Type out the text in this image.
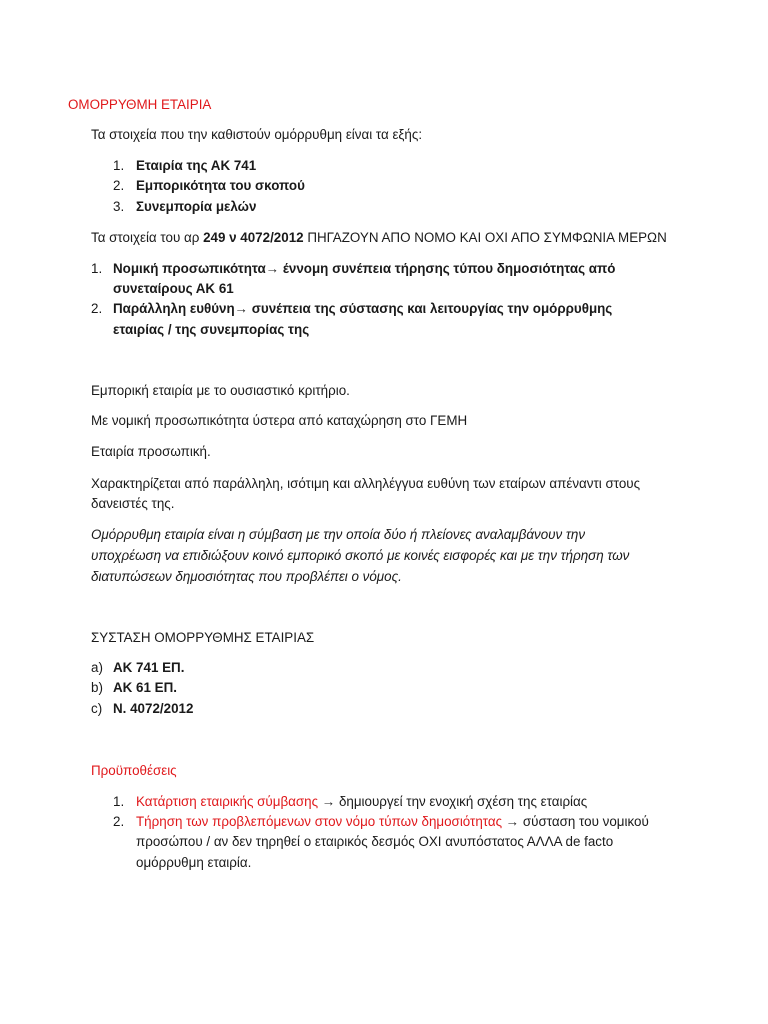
ΟΜΟΡΡΥΘΜΗ ΕΤΑΙΡΙΑ
Τα στοιχεία που την καθιστούν ομόρρυθμη είναι τα εξής:
1. Εταιρία της ΑΚ 741
2. Εμπορικότητα του σκοπού
3. Συνεμπορία μελών
Τα στοιχεία του αρ 249 ν 4072/2012 ΠΗΓΑΖΟΥΝ ΑΠΟ ΝΟΜΟ ΚΑΙ ΟΧΙ ΑΠΟ ΣΥΜΦΩΝΙΑ ΜΕΡΩΝ
1. Νομική προσωπικότητα→ έννομη συνέπεια τήρησης τύπου δημοσιότητας από
συνεταίρους ΑΚ 61
2. Παράλληλη ευθύνη→ συνέπεια της σύστασης και λειτουργίας την ομόρρυθμης
εταιρίας / της συνεμπορίας της
Εμπορική εταιρία με το ουσιαστικό κριτήριο.
Με νομική προσωπικότητα ύστερα από καταχώρηση στο ΓΕΜΗ
Εταιρία προσωπική.
Χαρακτηρίζεται από παράλληλη, ισότιμη και αλληλέγγυα ευθύνη των εταίρων απέναντι στους
δανειστές της.
Ομόρρυθμη εταιρία είναι η σύμβαση με την οποία δύο ή πλείονες αναλαμβάνουν την
υποχρέωση να επιδιώξουν κοινό εμπορικό σκοπό με κοινές εισφορές και με την τήρηση των
διατυπώσεων δημοσιότητας που προβλέπει ο νόμος.
ΣΥΣΤΑΣΗ ΟΜΟΡΡΥΘΜΗΣ ΕΤΑΙΡΙΑΣ
a) ΑΚ 741 ΕΠ.
b) ΑΚ 61 ΕΠ.
c) Ν. 4072/2012
Προϋποθέσεις
1. Κατάρτιση εταιρικής σύμβασης → δημιουργεί την ενοχική σχέση της εταιρίας
2. Τήρηση των προβλεπόμενων στον νόμο τύπων δημοσιότητας → σύσταση του νομικού
προσώπου / αν δεν τηρηθεί ο εταιρικός δεσμός ΟΧΙ ανυπόστατος ΑΛΛΑ de facto
ομόρρυθμη εταιρία.
